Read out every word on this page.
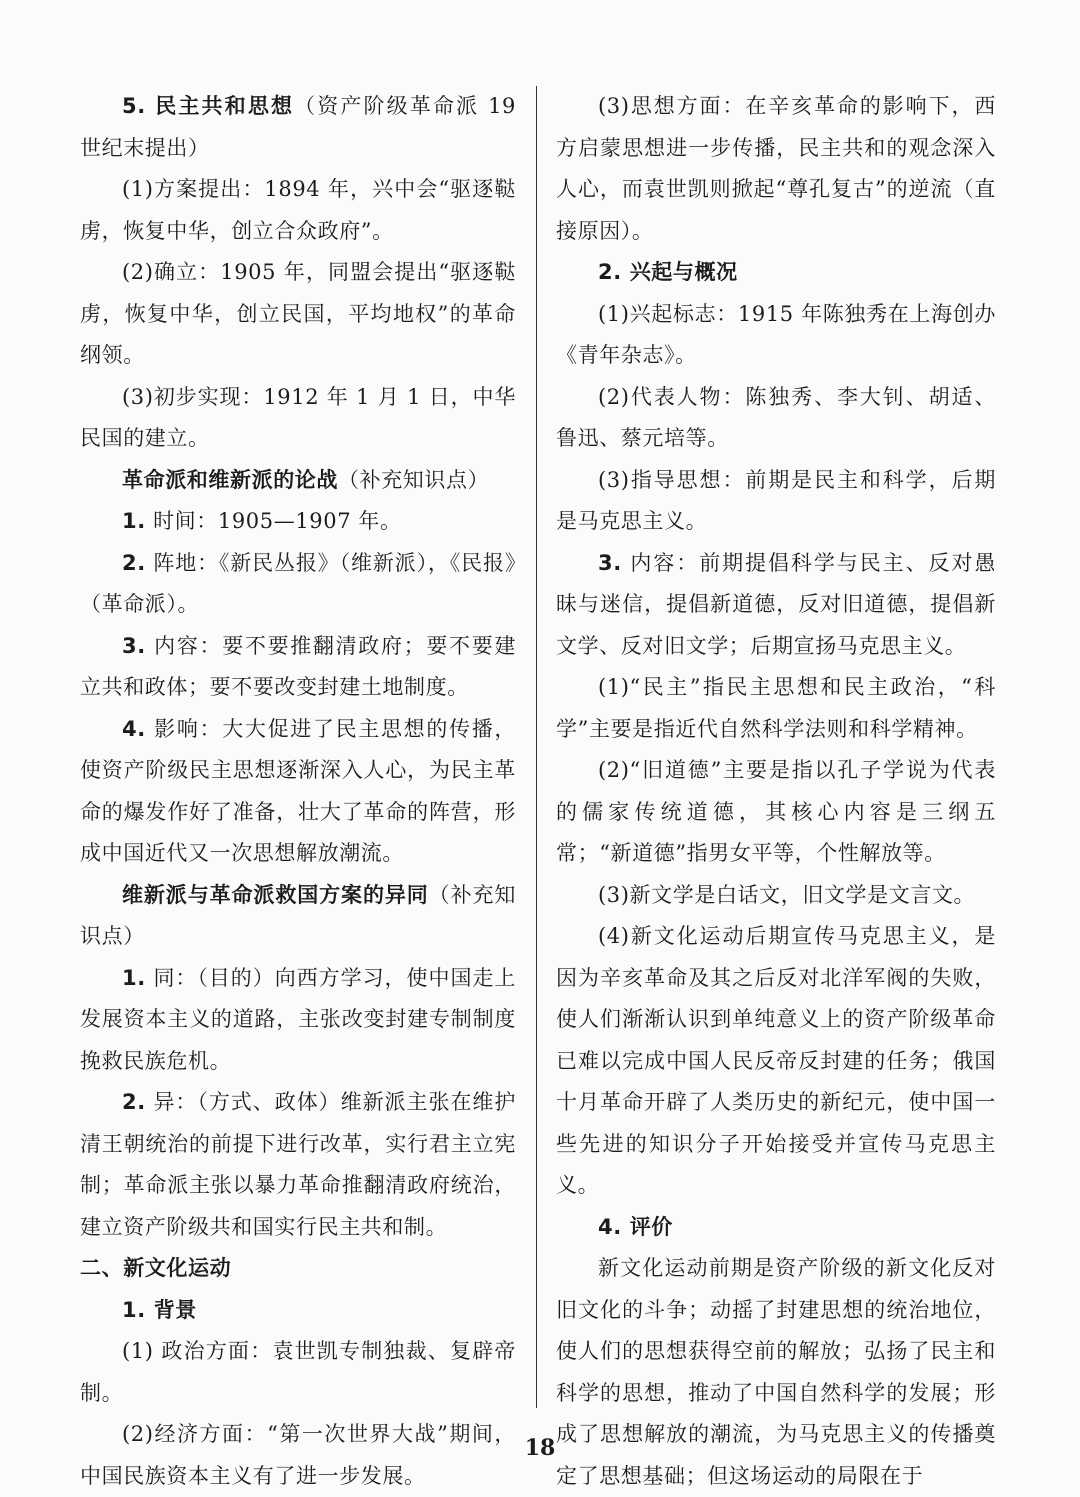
5. 民主共和思想（资产阶级革命派 19 世纪末提出）

(1)方案提出：1894 年，兴中会“驱逐鞑虏，恢复中华，创立合众政府”。

(2)确立：1905 年，同盟会提出“驱逐鞑虏，恢复中华，创立民国，平均地权”的革命纲领。

(3)初步实现：1912 年 1 月 1 日，中华民国的建立。

革命派和维新派的论战（补充知识点）

1. 时间：1905—1907 年。

2. 阵地：《新民丛报》（维新派），《民报》（革命派）。

3. 内容：要不要推翻清政府；要不要建立共和政体；要不要改变封建土地制度。

4. 影响：大大促进了民主思想的传播，使资产阶级民主思想逐渐深入人心，为民主革命的爆发作好了准备，壮大了革命的阵营，形成中国近代又一次思想解放潮流。

维新派与革命派救国方案的异同（补充知识点）

1. 同：（目的）向西方学习，使中国走上发展资本主义的道路，主张改变封建专制制度挽救民族危机。

2. 异：（方式、政体）维新派主张在维护清王朝统治的前提下进行改革，实行君主立宪制；革命派主张以暴力革命推翻清政府统治，建立资产阶级共和国实行民主共和制。

二、新文化运动

1. 背景

(1) 政治方面：袁世凯专制独裁、复辟帝制。

(2)经济方面：“第一次世界大战”期间，中国民族资本主义有了进一步发展。

(3)思想方面：在辛亥革命的影响下，西方启蒙思想进一步传播，民主共和的观念深入人心，而袁世凯则掀起“尊孔复古”的逆流（直接原因）。

2. 兴起与概况

(1)兴起标志：1915 年陈独秀在上海创办《青年杂志》。

(2)代表人物：陈独秀、李大钊、胡适、鲁迅、蔡元培等。

(3)指导思想：前期是民主和科学，后期是马克思主义。

3. 内容：前期提倡科学与民主、反对愚昧与迷信，提倡新道德，反对旧道德，提倡新文学、反对旧文学；后期宣扬马克思主义。

(1)“民主”指民主思想和民主政治，“科学”主要是指近代自然科学法则和科学精神。

(2)“旧道德”主要是指以孔子学说为代表的儒家传统道德，其核心内容是三纲五常；“新道德”指男女平等，个性解放等。

(3)新文学是白话文，旧文学是文言文。

(4)新文化运动后期宣传马克思主义，是因为辛亥革命及其之后反对北洋军阀的失败，使人们渐渐认识到单纯意义上的资产阶级革命已难以完成中国人民反帝反封建的任务；俄国十月革命开辟了人类历史的新纪元，使中国一些先进的知识分子开始接受并宣传马克思主义。

4. 评价

新文化运动前期是资产阶级的新文化反对旧文化的斗争；动摇了封建思想的统治地位，使人们的思想获得空前的解放；弘扬了民主和科学的思想，推动了中国自然科学的发展；形成了思想解放的潮流，为马克思主义的传播奠定了思想基础；但这场运动的局限在于

18
